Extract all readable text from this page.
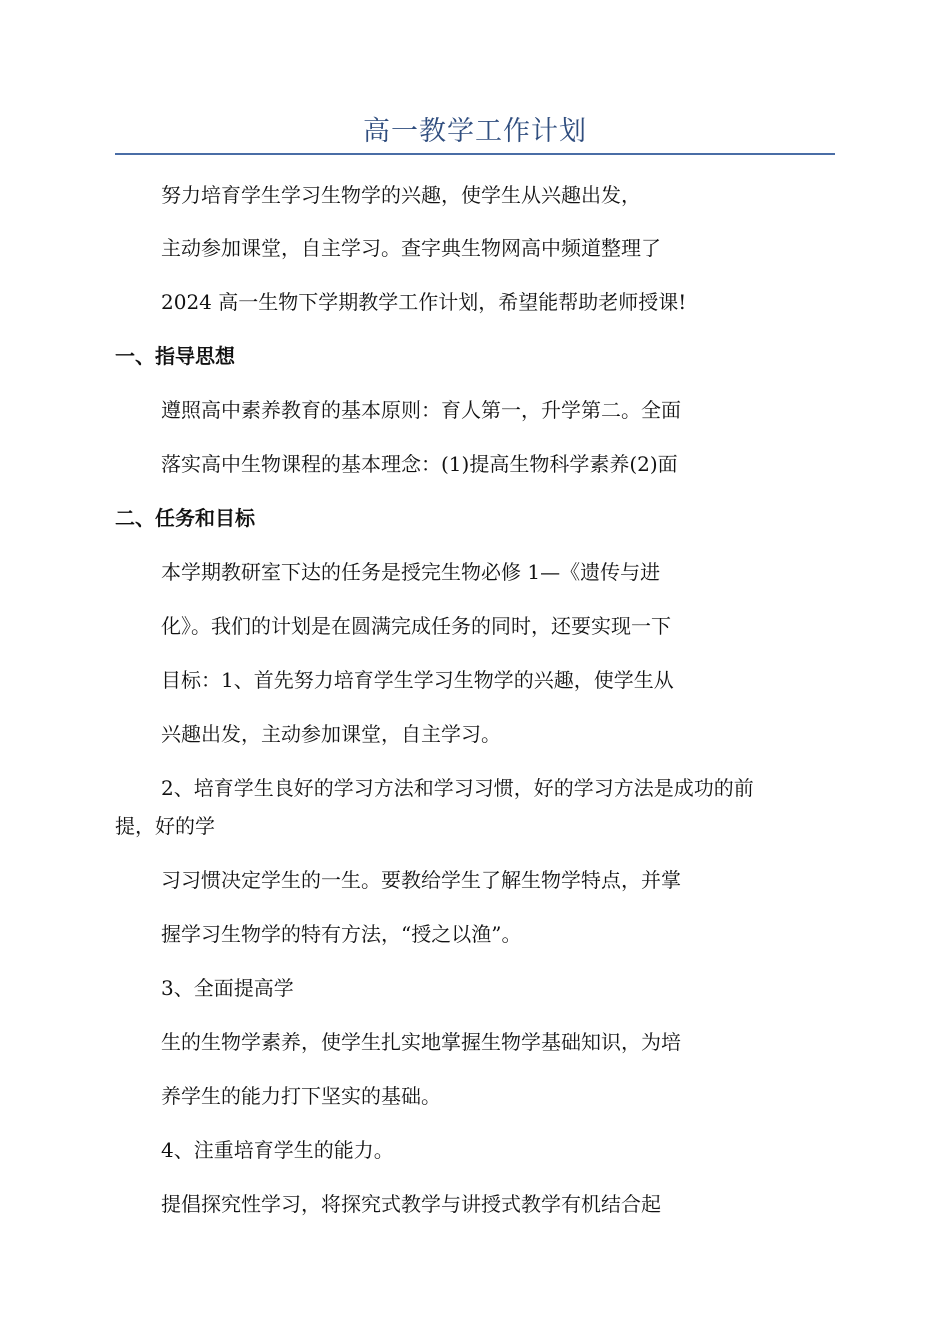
高一教学工作计划
努力培育学生学习生物学的兴趣，使学生从兴趣出发，
主动参加课堂，自主学习。查字典生物网高中频道整理了
2024 高一生物下学期教学工作计划，希望能帮助老师授课!
一、指导思想
遵照高中素养教育的基本原则：育人第一，升学第二。全面
落实高中生物课程的基本理念：(1)提高生物科学素养(2)面
二、任务和目标
本学期教研室下达的任务是授完生物必修 1—《遗传与进
化》。我们的计划是在圆满完成任务的同时，还要实现一下
目标：1、首先努力培育学生学习生物学的兴趣，使学生从
兴趣出发，主动参加课堂，自主学习。
2、培育学生良好的学习方法和学习习惯，好的学习方法是成功的前
提，好的学
习习惯决定学生的一生。要教给学生了解生物学特点，并掌
握学习生物学的特有方法，“授之以渔”。
3、全面提高学
生的生物学素养，使学生扎实地掌握生物学基础知识，为培
养学生的能力打下坚实的基础。
4、注重培育学生的能力。
提倡探究性学习，将探究式教学与讲授式教学有机结合起
